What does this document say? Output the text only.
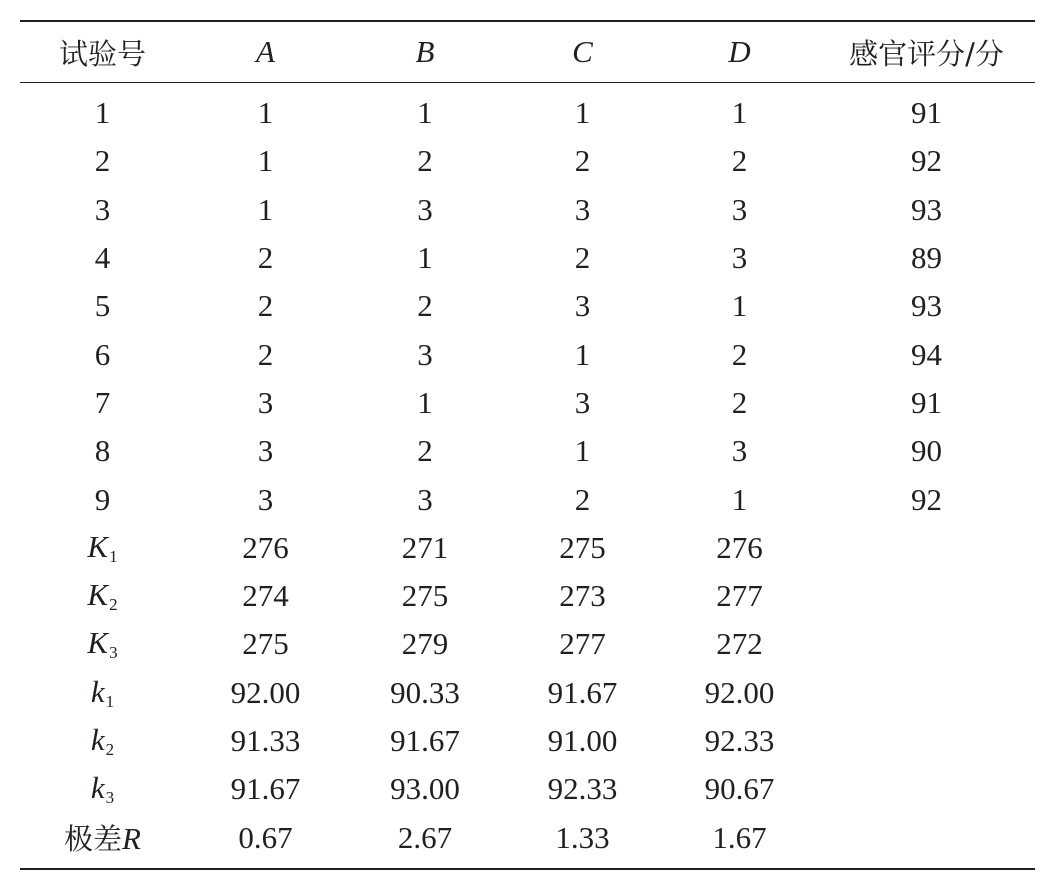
试验号	A	B	C	D	感官评分/分
1	1	1	1	1	91
2	1	2	2	2	92
3	1	3	3	3	93
4	2	1	2	3	89
5	2	2	3	1	93
6	2	3	1	2	94
7	3	1	3	2	91
8	3	2	1	3	90
9	3	3	2	1	92
$K_1$	276	271	275	276	
$K_2$	274	275	273	277	
$K_3$	275	279	277	272	
$k_1$	92.00	90.33	91.67	92.00	
$k_2$	91.33	91.67	91.00	92.33	
$k_3$	91.67	93.00	92.33	90.67	
极差R	0.67	2.67	1.33	1.67	
